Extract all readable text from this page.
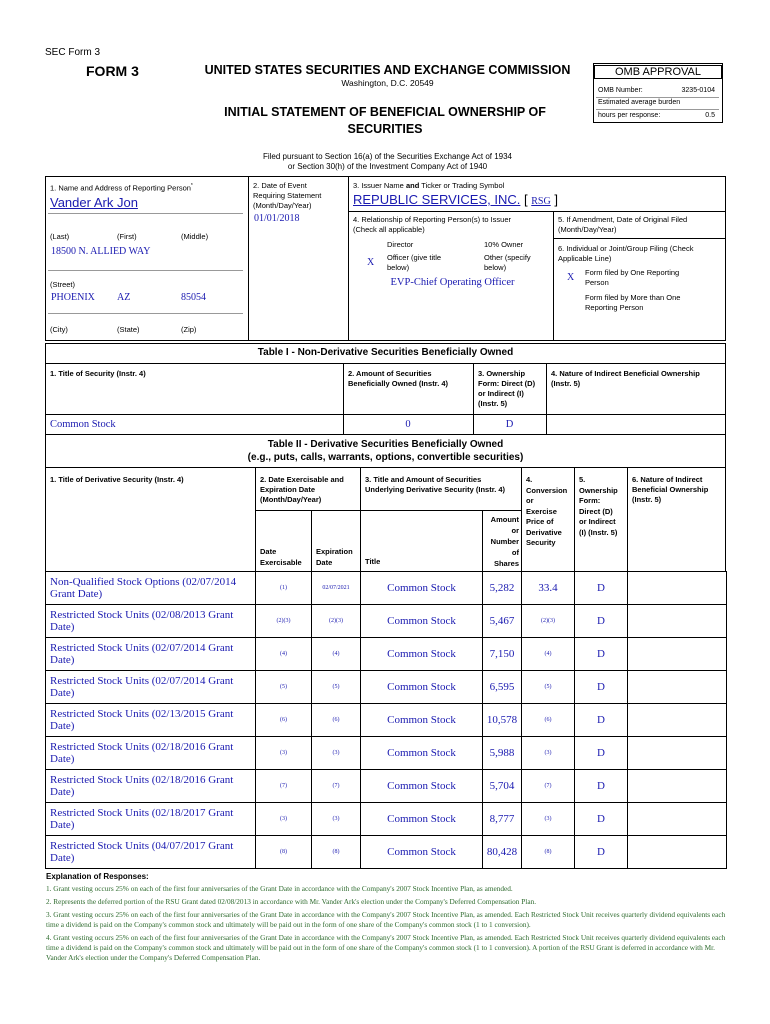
SEC Form 3
FORM 3	UNITED STATES SECURITIES AND EXCHANGE COMMISSION
Washington, D.C. 20549
INITIAL STATEMENT OF BENEFICIAL OWNERSHIP OF SECURITIES
OMB APPROVAL
OMB Number:	3235-0104
Estimated average burden
hours per response:	0.5
Filed pursuant to Section 16(a) of the Securities Exchange Act of 1934
or Section 30(h) of the Investment Company Act of 1940
1. Name and Address of Reporting Person*
Vander Ark Jon
(Last)	(First)	(Middle)
18500 N. ALLIED WAY
(Street)
PHOENIX AZ	85054
(City)	(State)	(Zip)
2. Date of Event
Requiring Statement
(Month/Day/Year)
01/01/2018
3. Issuer Name and Ticker or Trading Symbol
REPUBLIC SERVICES, INC. [ RSG ]
4. Relationship of Reporting Person(s) to Issuer
(Check all applicable)
Director	10% Owner
X Officer (give title
below)
Other (specify
below)
EVP-Chief Operating Officer
5. If Amendment, Date of Original Filed
(Month/Day/Year)
6. Individual or Joint/Group Filing (Check
Applicable Line)
X Form filed by One Reporting
Person
Form filed by More than One
Reporting Person
Table I - Non-Derivative Securities Beneficially Owned
1. Title of Security (Instr. 4)	2. Amount of Securities
Beneficially Owned (Instr. 4)
3. Ownership
Form: Direct (D)
or Indirect (I)
(Instr. 5)
4. Nature of Indirect Beneficial Ownership
(Instr. 5)
Common Stock	0	D
Table II - Derivative Securities Beneficially Owned
(e.g., puts, calls, warrants, options, convertible securities)
1. Title of Derivative Security (Instr. 4)	2. Date Exercisable and
Expiration Date
(Month/Day/Year)
3. Title and Amount of Securities
Underlying Derivative Security (Instr. 4)
4.
Conversion
or
Exercise
Price of
Derivative
Security
5.
Ownership
Form:
Direct (D)
or Indirect
(I) (Instr. 5)
6. Nature of Indirect
Beneficial Ownership
(Instr. 5)
Date
Exercisable
Expiration
Date	Title
Amount
or
Number
of
Shares
Non-Qualified Stock Options (02/07/2014 Grant Date)	(1)	02/07/2021	Common Stock	5,282	33.4	D	
Restricted Stock Units (02/08/2013 Grant Date)	(2)(3)	(2)(3)	Common Stock	5,467	(2)(3)	D	
Restricted Stock Units (02/07/2014 Grant Date)	(4)	(4)	Common Stock	7,150	(4)	D	
Restricted Stock Units (02/07/2014 Grant Date)	(5)	(5)	Common Stock	6,595	(5)	D	
Restricted Stock Units (02/13/2015 Grant Date)	(6)	(6)	Common Stock	10,578	(6)	D	
Restricted Stock Units (02/18/2016 Grant Date)	(3)	(3)	Common Stock	5,988	(3)	D	
Restricted Stock Units (02/18/2016 Grant Date)	(7)	(7)	Common Stock	5,704	(7)	D	
Restricted Stock Units (02/18/2017 Grant Date)	(3)	(3)	Common Stock	8,777	(3)	D	
Restricted Stock Units (04/07/2017 Grant Date)	(8)	(8)	Common Stock	80,428	(8)	D	
Explanation of Responses:
1. Grant vesting occurs 25% on each of the first four anniversaries of the Grant Date in accordance with the Company's 2007 Stock Incentive Plan, as amended.
2. Represents the deferred portion of the RSU Grant dated 02/08/2013 in accordance with Mr. Vander Ark's election under the Company's Deferred Compensation Plan.
3. Grant vesting occurs 25% on each of the first four anniversaries of the Grant Date in accordance with the Company's 2007 Stock Incentive Plan, as amended. Each Restricted Stock Unit receives quarterly dividend equivalents each time a dividend is paid on the Company's common stock and ultimately will be paid out in the form of one share of the Company's common stock (1 to 1 conversion).
4. Grant vesting occurs 25% on each of the first four anniversaries of the Grant Date in accordance with the Company's 2007 Stock Incentive Plan, as amended. Each Restricted Stock Unit receives quarterly dividend equivalents each time a dividend is paid on the Company's common stock and ultimately will be paid out in the form of one share of the Company's common stock (1 to 1 conversion). A portion of the RSU Grant is deferred in accordance with Mr. Vander Ark's election under the Company's Deferred Compensation Plan.
